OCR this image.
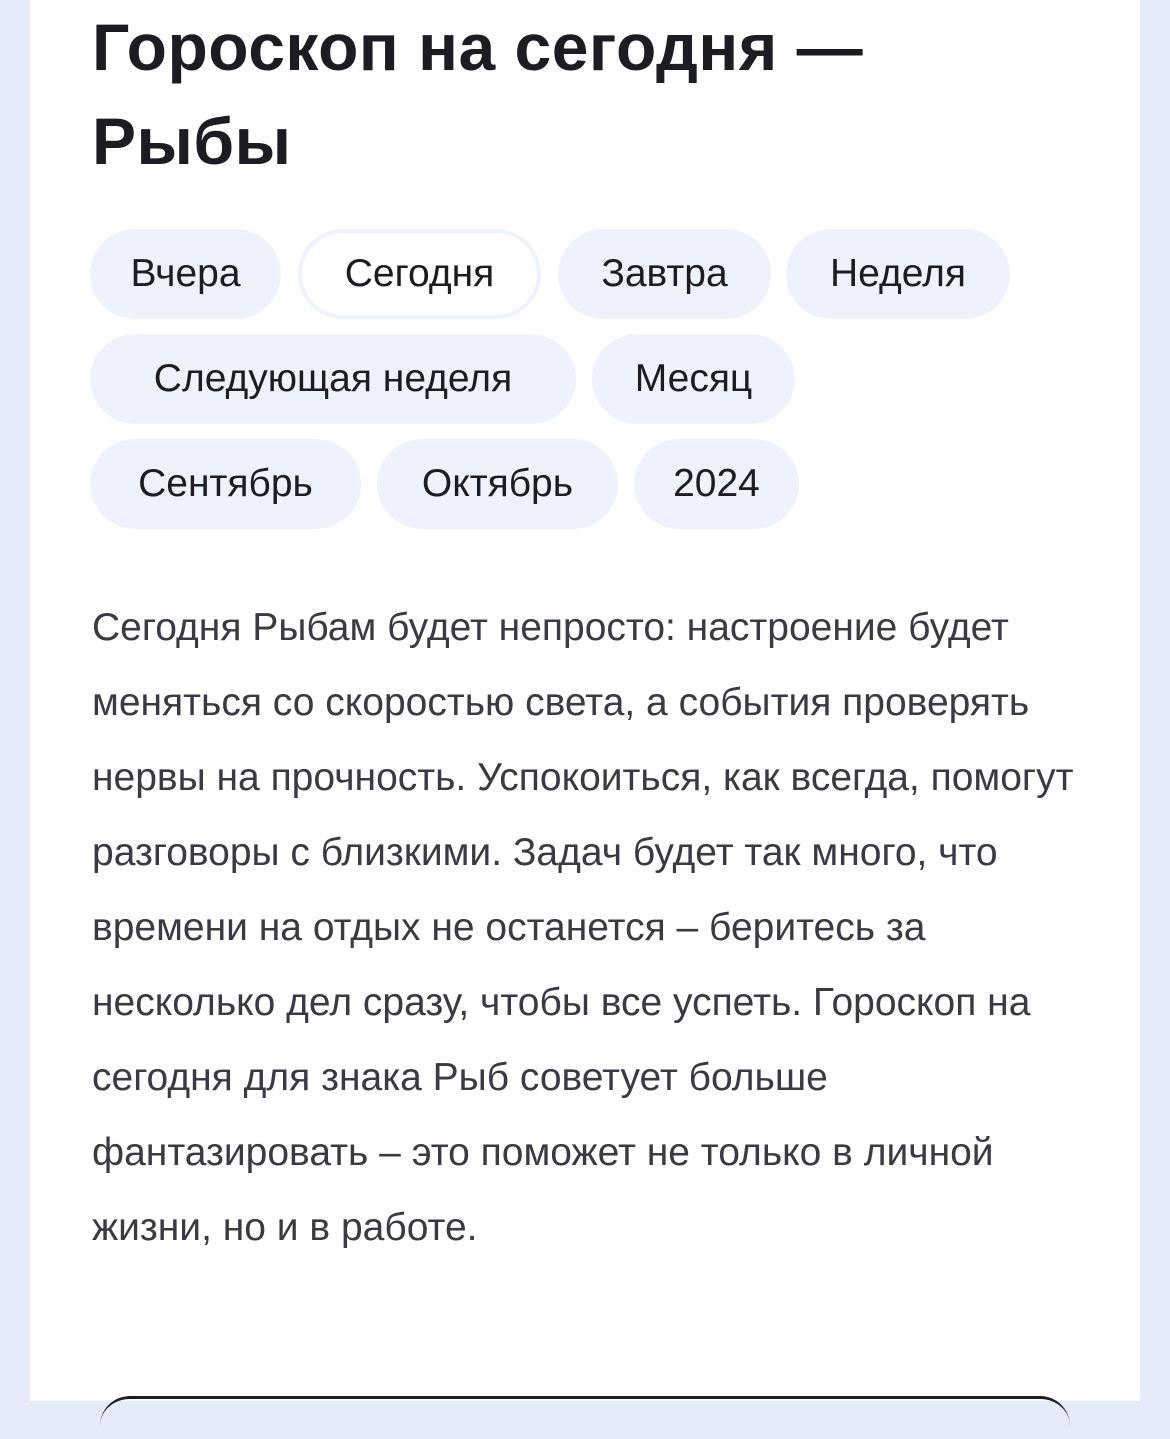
Гороскоп на сегодня —
Рыбы
Вчера	Сегодня	Завтра	Неделя
Следующая неделя	Месяц
Сентябрь	Октябрь	2024

Сегодня Рыбам будет непросто: настроение будет меняться со скоростью света, а события проверять нервы на прочность. Успокоиться, как всегда, помогут разговоры с близкими. Задач будет так много, что времени на отдых не останется – беритесь за несколько дел сразу, чтобы все успеть. Гороскоп на сегодня для знака Рыб советует больше фантазировать – это поможет не только в личной жизни, но и в работе.
